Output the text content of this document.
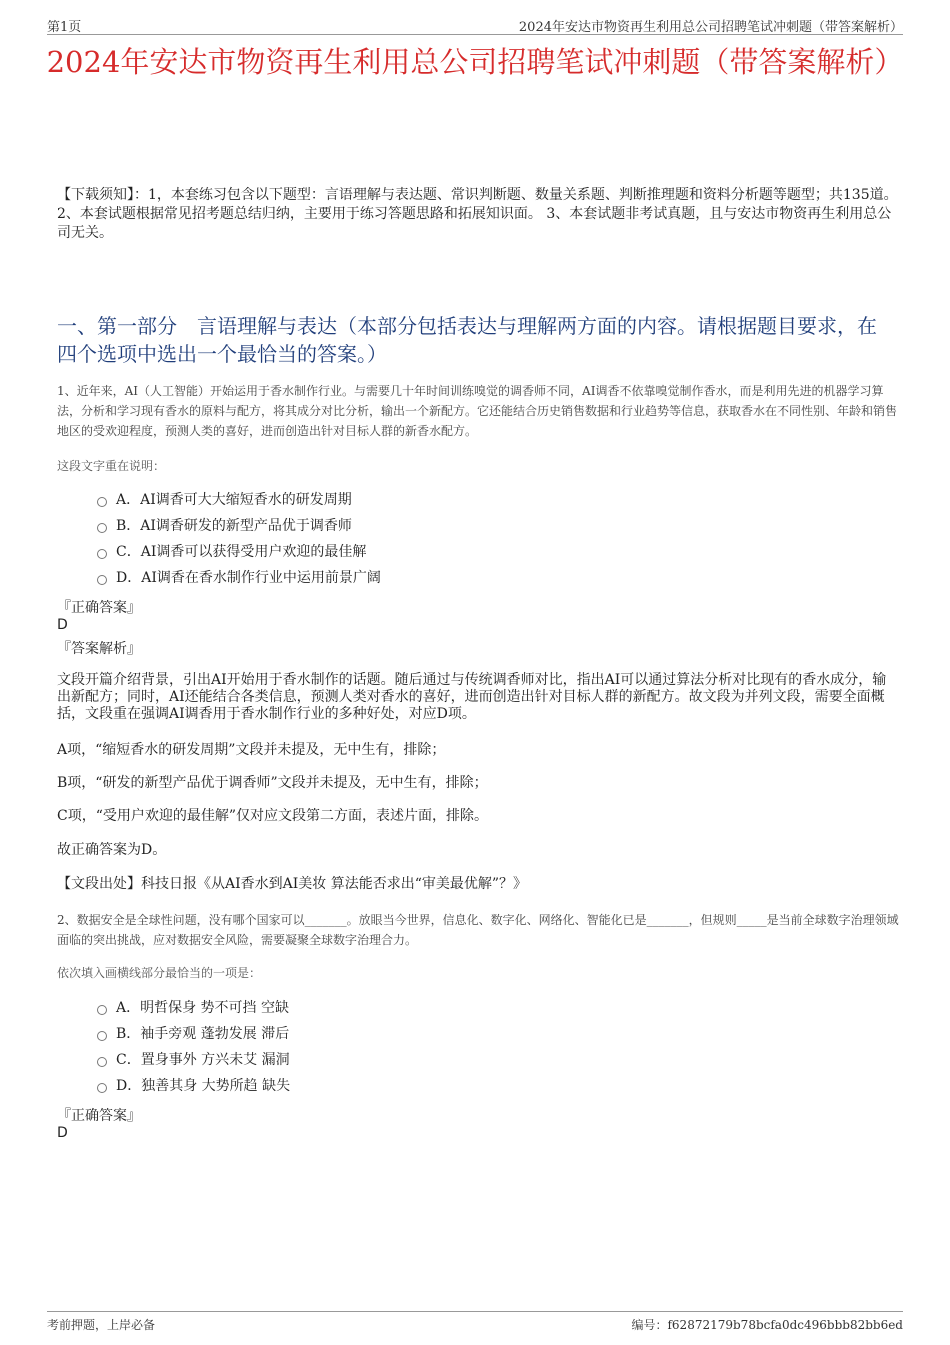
第1页	2024年安达市物资再生利用总公司招聘笔试冲刺题（带答案解析）
2024年安达市物资再生利用总公司招聘笔试冲刺题（带答案解析）
【下载须知】：1，本套练习包含以下题型：言语理解与表达题、常识判断题、数量关系题、判断推理题和资料分析题等题型；共135道。 2、本套试题根据常见招考题总结归纳，主要用于练习答题思路和拓展知识面。 3、本套试题非考试真题，且与安达市物资再生利用总公司无关。
一、第一部分　言语理解与表达（本部分包括表达与理解两方面的内容。请根据题目要求，在四个选项中选出一个最恰当的答案。）
1、近年来，AI（人工智能）开始运用于香水制作行业。与需要几十年时间训练嗅觉的调香师不同，AI调香不依靠嗅觉制作香水，而是利用先进的机器学习算法，分析和学习现有香水的原料与配方，将其成分对比分析，输出一个新配方。它还能结合历史销售数据和行业趋势等信息，获取香水在不同性别、年龄和销售地区的受欢迎程度，预测人类的喜好，进而创造出针对目标人群的新香水配方。
这段文字重在说明：
A．AI调香可大大缩短香水的研发周期
B．AI调香研发的新型产品优于调香师
C．AI调香可以获得受用户欢迎的最佳解
D．AI调香在香水制作行业中运用前景广阔
『正确答案』
D
『答案解析』
文段开篇介绍背景，引出AI开始用于香水制作的话题。随后通过与传统调香师对比，指出AI可以通过算法分析对比现有的香水成分，输出新配方；同时，AI还能结合各类信息，预测人类对香水的喜好，进而创造出针对目标人群的新配方。故文段为并列文段，需要全面概括，文段重在强调AI调香用于香水制作行业的多种好处，对应D项。
A项，“缩短香水的研发周期”文段并未提及，无中生有，排除；
B项，“研发的新型产品优于调香师”文段并未提及，无中生有，排除；
C项，“受用户欢迎的最佳解”仅对应文段第二方面，表述片面，排除。
故正确答案为D。
【文段出处】科技日报《从AI香水到AI美妆 算法能否求出“审美最优解”？》
2、数据安全是全球性问题，没有哪个国家可以_______。放眼当今世界，信息化、数字化、网络化、智能化已是_______，但规则_____是当前全球数字治理领域面临的突出挑战，应对数据安全风险，需要凝聚全球数字治理合力。
依次填入画横线部分最恰当的一项是：
A．明哲保身 势不可挡 空缺
B．袖手旁观 蓬勃发展 滞后
C．置身事外 方兴未艾 漏洞
D．独善其身 大势所趋 缺失
『正确答案』
D
考前押题，上岸必备	编号：f62872179b78bcfa0dc496bbb82bb6ed
